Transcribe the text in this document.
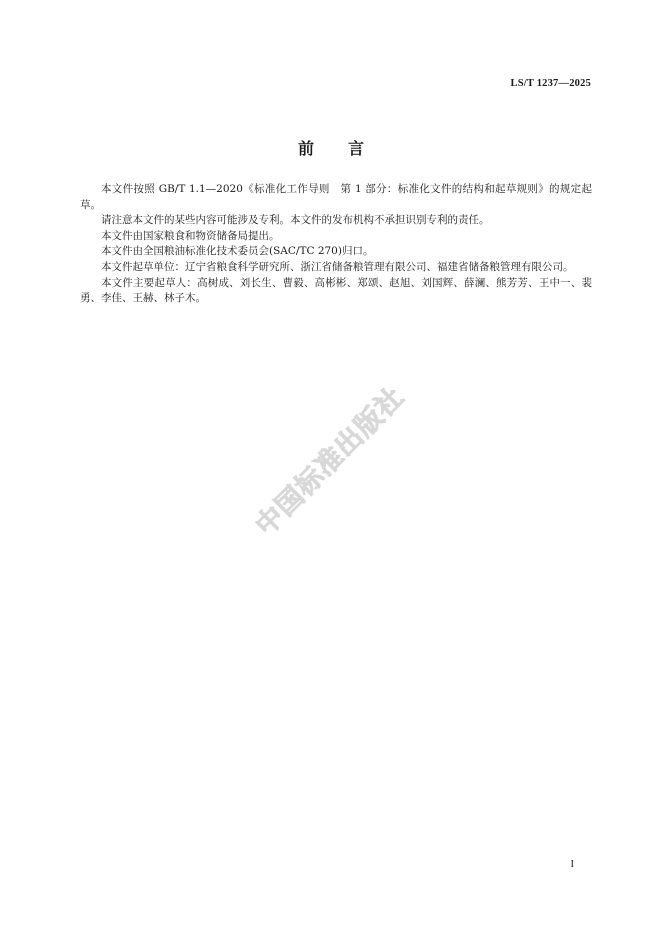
LS/T 1237—2025
前 言

本文件按照 GB/T 1.1—2020《标准化工作导则　第 1 部分：标准化文件的结构和起草规则》的规定起草。

请注意本文件的某些内容可能涉及专利。本文件的发布机构不承担识别专利的责任。

本文件由国家粮食和物资储备局提出。

本文件由全国粮油标准化技术委员会(SAC/TC 270)归口。

本文件起草单位：辽宁省粮食科学研究所、浙江省储备粮管理有限公司、福建省储备粮管理有限公司。

本文件主要起草人：高树成、刘长生、曹毅、高彬彬、郑颂、赵旭、刘国辉、薛澜、熊芳芳、王中一、裴勇、李佳、王赫、林子木。

中国标准出版社
I
